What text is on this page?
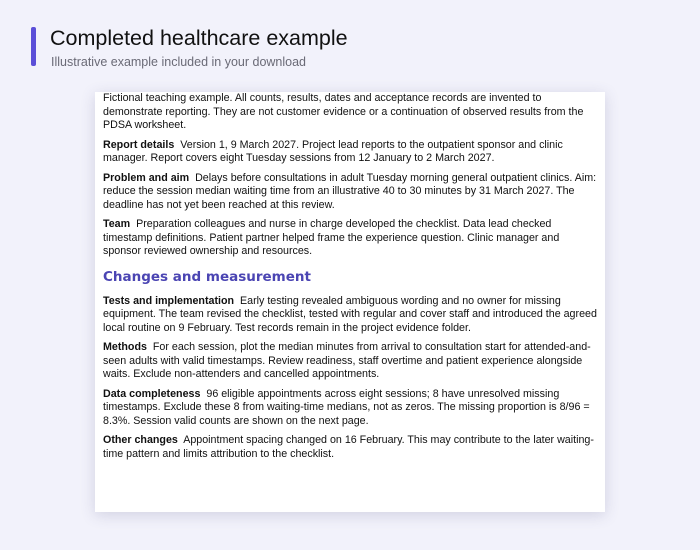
Completed healthcare example
Illustrative example included in your download

Fictional teaching example. All counts, results, dates and acceptance records are invented to demonstrate reporting. They are not customer evidence or a continuation of observed results from the PDSA worksheet.

Report details Version 1, 9 March 2027. Project lead reports to the outpatient sponsor and clinic manager. Report covers eight Tuesday sessions from 12 January to 2 March 2027.

Problem and aim Delays before consultations in adult Tuesday morning general outpatient clinics. Aim: reduce the session median waiting time from an illustrative 40 to 30 minutes by 31 March 2027. The deadline has not yet been reached at this review.

Team Preparation colleagues and nurse in charge developed the checklist. Data lead checked timestamp definitions. Patient partner helped frame the experience question. Clinic manager and sponsor reviewed ownership and resources.

Changes and measurement

Tests and implementation Early testing revealed ambiguous wording and no owner for missing equipment. The team revised the checklist, tested with regular and cover staff and introduced the agreed local routine on 9 February. Test records remain in the project evidence folder.

Methods For each session, plot the median minutes from arrival to consultation start for attended-and-seen adults with valid timestamps. Review readiness, staff overtime and patient experience alongside waits. Exclude non-attenders and cancelled appointments.

Data completeness 96 eligible appointments across eight sessions; 8 have unresolved missing timestamps. Exclude these 8 from waiting-time medians, not as zeros. The missing proportion is 8/96 = 8.3%. Session valid counts are shown on the next page.

Other changes Appointment spacing changed on 16 February. This may contribute to the later waiting-time pattern and limits attribution to the checklist.
